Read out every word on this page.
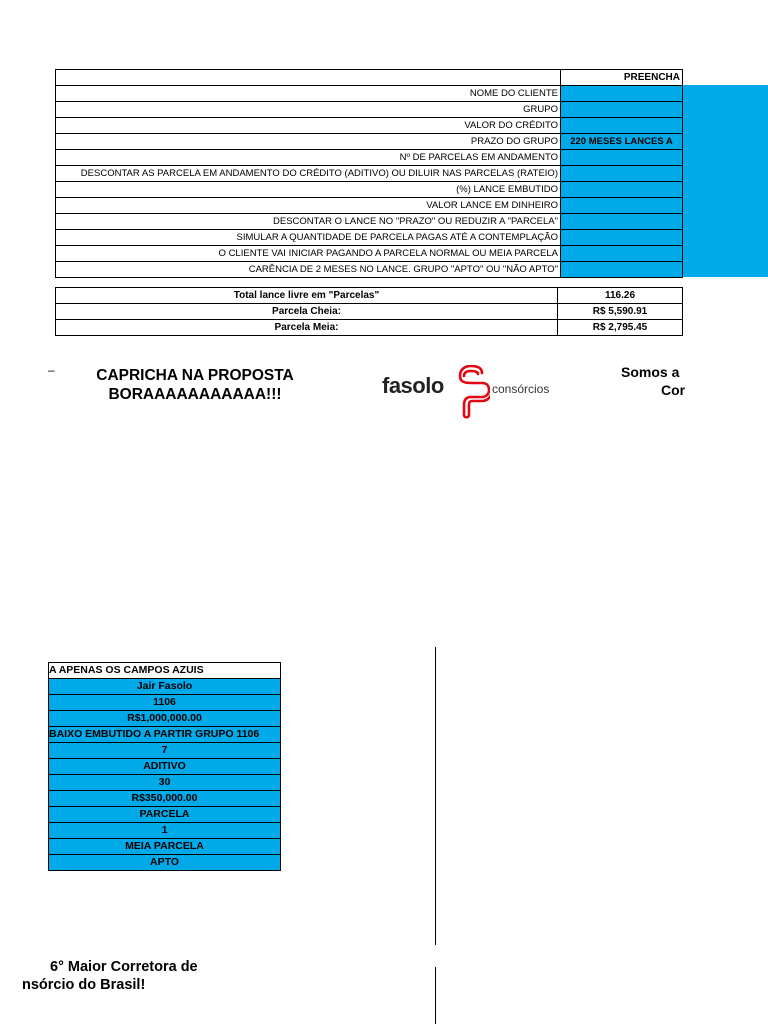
	PREENCHA
NOME DO CLIENTE	
GRUPO	
VALOR DO CRÉDITO	
PRAZO DO GRUPO	220 MESES LANCES A
Nº DE PARCELAS EM ANDAMENTO	
DESCONTAR AS PARCELA EM ANDAMENTO DO CRÉDITO (ADITIVO) OU DILUIR NAS PARCELAS (RATEIO)	
(%) LANCE EMBUTIDO	
VALOR LANCE EM DINHEIRO	
DESCONTAR O LANCE NO "PRAZO" OU REDUZIR A "PARCELA"	
SIMULAR A QUANTIDADE DE PARCELA PAGAS ATÉ A CONTEMPLAÇÃO	
O CLIENTE VAI INICIAR PAGANDO A PARCELA NORMAL OU MEIA PARCELA	
CARÊNCIA DE 2 MESES NO LANCE. GRUPO "APTO" OU "NÃO APTO"	
Total lance livre em "Parcelas"	116.26
Parcela Cheia:	R$ 5,590.91
Parcela Meia:	R$ 2,795.45
–	CAPRICHA NA PROPOSTA
BORAAAAAAAAAAA!!!	fasolo	consórcios
Somos a
Cor
A APENAS OS CAMPOS AZUIS
Jair Fasolo
1106
R$1,000,000.00
BAIXO EMBUTIDO A PARTIR GRUPO 1106
7
ADITIVO
30
R$350,000.00
PARCELA
1
MEIA PARCELA
APTO
6° Maior Corretora de
nsórcio do Brasil!
